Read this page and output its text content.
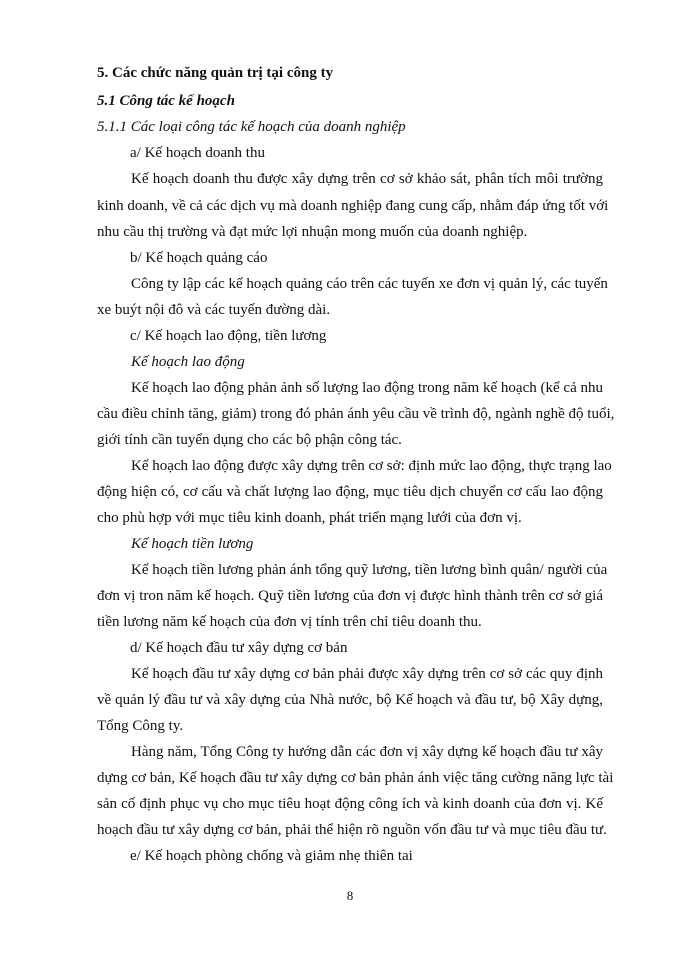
5. Các chức năng quản trị tại công ty
5.1 Công tác kế hoạch
5.1.1 Các loại công tác kế hoạch của doanh nghiệp
a/ Kế hoạch doanh thu
Kế hoạch doanh thu được xây dựng trên cơ sở khảo sát, phân tích môi trường
kinh doanh, về cả các dịch vụ mà doanh nghiệp đang cung cấp, nhằm đáp ứng tốt với
nhu cầu thị trường và đạt mức lợi nhuận mong muốn của doanh nghiệp.
b/ Kế hoạch quảng cáo
Công ty lập các kế hoạch quảng cáo trên các tuyến xe đơn vị quản lý, các tuyến
xe buýt nội đô và các tuyến đường dài.
c/ Kế hoạch lao động, tiền lương
Kế hoạch lao động
Kế hoạch lao động phản ảnh số lượng lao động trong năm kế hoạch (kể cả nhu
cầu điều chỉnh tăng, giảm) trong đó phản ánh yêu cầu về trình độ, ngành nghề độ tuổi,
giới tính cần tuyển dụng cho các bộ phận công tác.
Kế hoạch lao động được xây dựng trên cơ sở: định mức lao động, thực trạng lao
động hiện có, cơ cấu và chất lượng lao động, mục tiêu dịch chuyển cơ cấu lao động
cho phù hợp với mục tiêu kinh doanh, phát triển mạng lưới của đơn vị.
Kế hoạch tiền lương
Kế hoạch tiền lương phản ánh tổng quỹ lương, tiền lương bình quân/ người của
đơn vị tron năm kế hoạch. Quỹ tiền lương của đơn vị được hình thành trên cơ sở giá
tiền lương năm kế hoạch của đơn vị tính trên chỉ tiêu doanh thu.
d/ Kế hoạch đầu tư xây dựng cơ bản
Kế hoạch đầu tư xây dựng cơ bản phải được xây dựng trên cơ sở các quy định
về quản lý đầu tư và xây dựng của Nhà nước, bộ Kế hoạch và đầu tư, bộ Xây dựng,
Tổng Công ty.
Hàng năm, Tổng Công ty hướng dẫn các đơn vị xây dựng kế hoạch đầu tư xây
dựng cơ bản, Kế hoạch đầu tư xây dựng cơ bản phản ánh việc tăng cường năng lực tài
sản cố định phục vụ cho mục tiêu hoạt động công ích và kinh doanh của đơn vị. Kế
hoạch đầu tư xây dựng cơ bản, phải thể hiện rõ nguồn vốn đầu tư và mục tiêu đầu tư.
e/ Kế hoạch phòng chống và giảm nhẹ thiên tai
8
